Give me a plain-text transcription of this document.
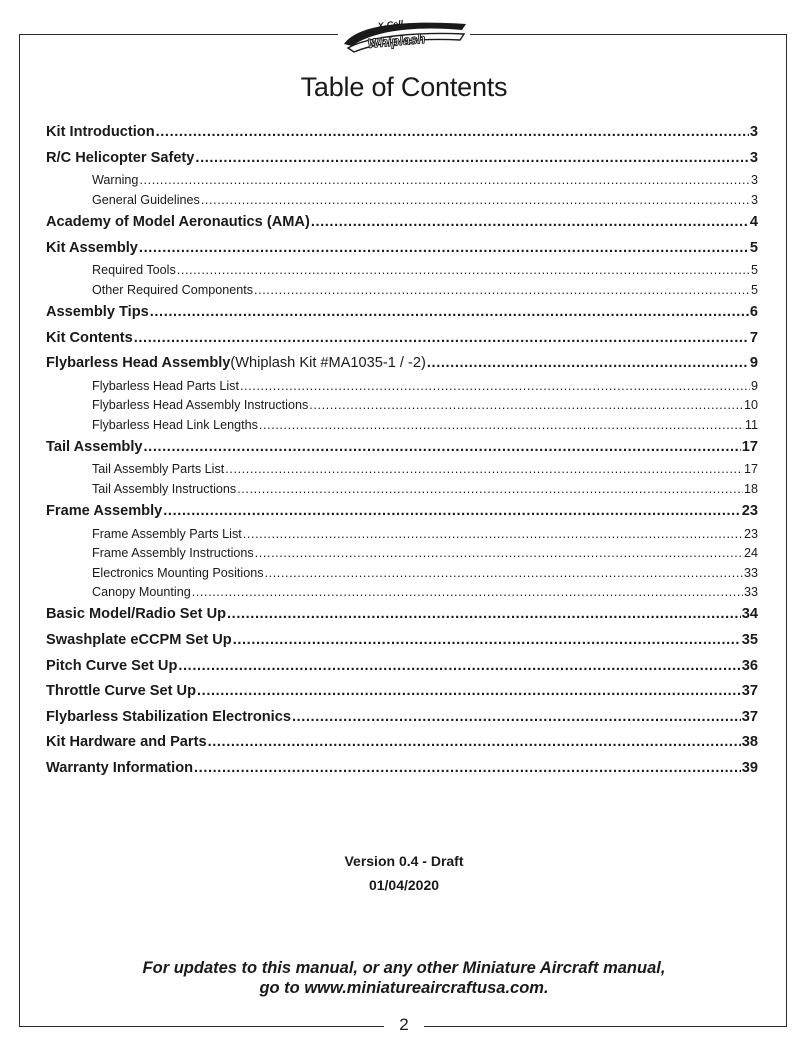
X-Cell
Whiplash
Table of Contents
Kit Introduction .....	3
R/C Helicopter Safety .....	3
Warning .....	3
General Guidelines .....	3
Academy of Model Aeronautics (AMA) .....	4
Kit Assembly .....	5
Required Tools .....	5
Other Required Components .....	5
Assembly Tips .....	6
Kit Contents .....	7
Flybarless Head Assembly (Whiplash Kit #MA1035-1 / -2) .....	9
Flybarless Head Parts List .....	9
Flybarless Head Assembly Instructions .....	10
Flybarless Head Link Lengths .....	11
Tail Assembly .....	17
Tail Assembly Parts List .....	17
Tail Assembly Instructions .....	18
Frame Assembly .....	23
Frame Assembly Parts List .....	23
Frame Assembly Instructions .....	24
Electronics Mounting Positions .....	33
Canopy Mounting .....	33
Basic Model/Radio Set Up .....	34
Swashplate eCCPM Set Up .....	35
Pitch Curve Set Up .....	36
Throttle Curve Set Up .....	37
Flybarless Stabilization Electronics .....	37
Kit Hardware and Parts .....	38
Warranty Information .....	39
Version 0.4 - Draft
01/04/2020
For updates to this manual, or any other Miniature Aircraft manual,
go to www.miniatureaircraftusa.com.
2
